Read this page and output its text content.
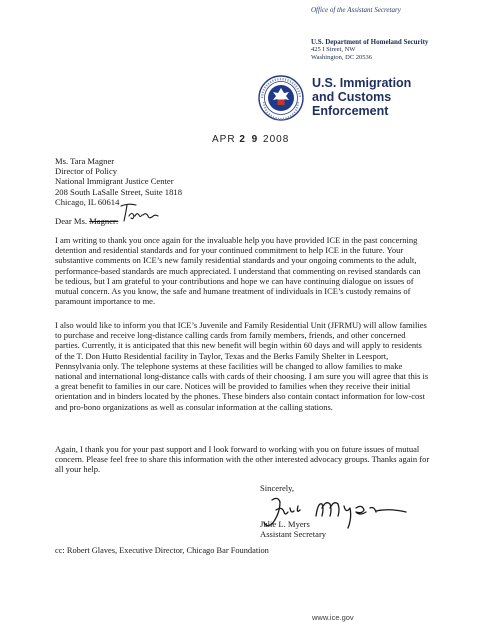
Office of the Assistant Secretary
U.S. Department of Homeland Security
425 I Street, NW
Washington, DC 20536
U.S. Immigration
and Customs
Enforcement
APR 2 9 2008
Ms. Tara Magner
Director of Policy
National Immigrant Justice Center
208 South LaSalle Street, Suite 1818
Chicago, IL 60614
Dear Ms. Magner:

I am writing to thank you once again for the invaluable help you have provided ICE in the past concerning detention and residential standards and for your continued commitment to help ICE in the future. Your substantive comments on ICE’s new family residential standards and your ongoing comments to the adult, performance-based standards are much appreciated. I understand that commenting on revised standards can be tedious, but I am grateful to your contributions and hope we can have continuing dialogue on issues of mutual concern. As you know, the safe and humane treatment of individuals in ICE’s custody remains of paramount importance to me.

I also would like to inform you that ICE’s Juvenile and Family Residential Unit (JFRMU) will allow families to purchase and receive long-distance calling cards from family members, friends, and other concerned parties. Currently, it is anticipated that this new benefit will begin within 60 days and will apply to residents of the T. Don Hutto Residential facility in Taylor, Texas and the Berks Family Shelter in Leesport, Pennsylvania only. The telephone systems at these facilities will be changed to allow families to make national and international long-distance calls with cards of their choosing. I am sure you will agree that this is a great benefit to families in our care. Notices will be provided to families when they receive their initial orientation and in binders located by the phones. These binders also contain contact information for low-cost and pro-bono organizations as well as consular information at the calling stations.

Again, I thank you for your past support and I look forward to working with you on future issues of mutual concern. Please feel free to share this information with the other interested advocacy groups. Thanks again for all your help.

Sincerely,
Julie L. Myers
Assistant Secretary
cc: Robert Glaves, Executive Director, Chicago Bar Foundation
www.ice.gov
